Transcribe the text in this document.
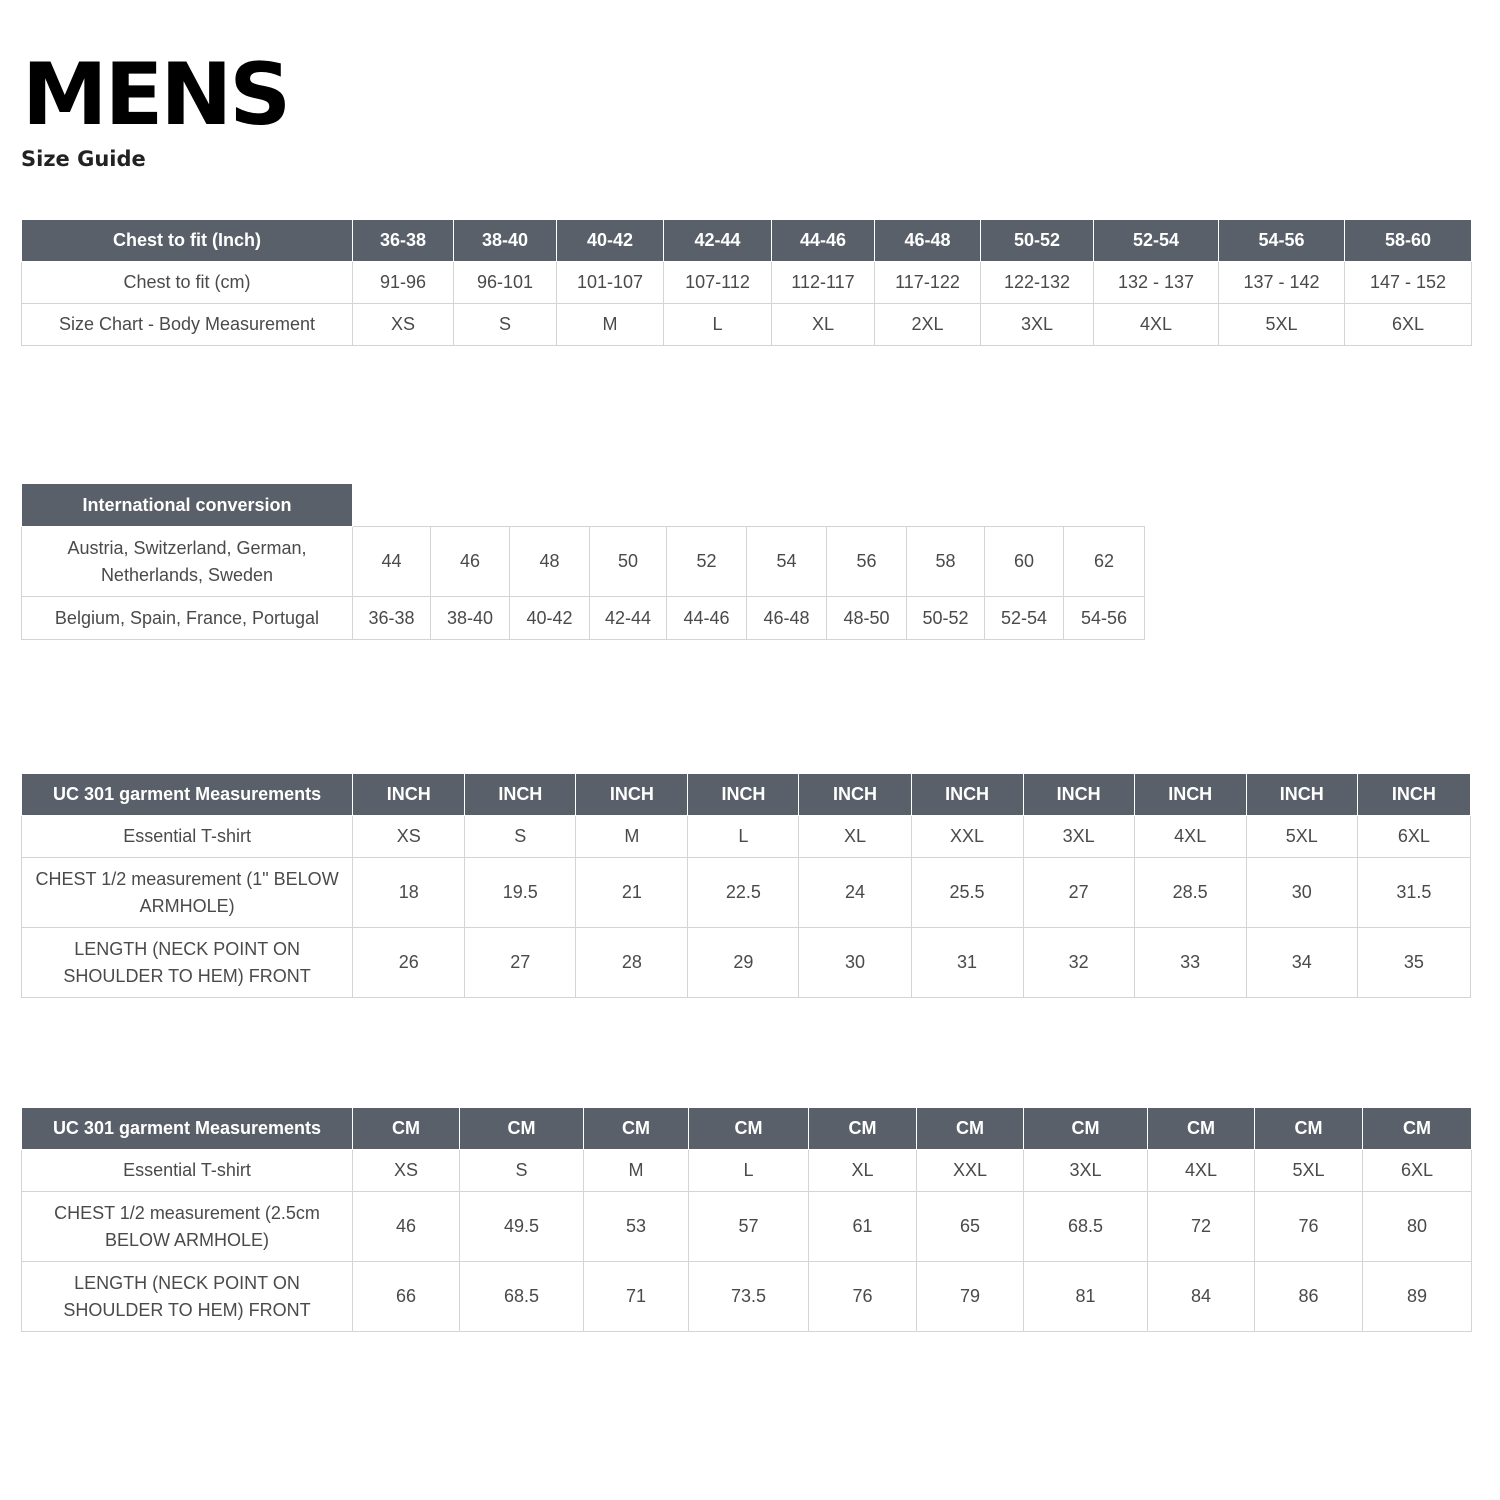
MENS
Size Guide
Chest to fit (Inch)	36-38	38-40	40-42	42-44	44-46	46-48	50-52	52-54	54-56	58-60
Chest to fit (cm)	91-96	96-101	101-107	107-112	112-117	117-122	122-132	132 - 137	137 - 142	147 - 152
Size Chart - Body Measurement	XS	S	M	L	XL	2XL	3XL	4XL	5XL	6XL
International conversion										
Austria, Switzerland, German, Netherlands, Sweden	44	46	48	50	52	54	56	58	60	62
Belgium, Spain, France, Portugal	36-38	38-40	40-42	42-44	44-46	46-48	48-50	50-52	52-54	54-56
UC 301 garment Measurements	INCH	INCH	INCH	INCH	INCH	INCH	INCH	INCH	INCH	INCH
Essential T-shirt	XS	S	M	L	XL	XXL	3XL	4XL	5XL	6XL
CHEST 1/2 measurement (1" BELOW ARMHOLE)	18	19.5	21	22.5	24	25.5	27	28.5	30	31.5
LENGTH (NECK POINT ON SHOULDER TO HEM) FRONT	26	27	28	29	30	31	32	33	34	35
UC 301 garment Measurements	CM	CM	CM	CM	CM	CM	CM	CM	CM	CM
Essential T-shirt	XS	S	M	L	XL	XXL	3XL	4XL	5XL	6XL
CHEST 1/2 measurement (2.5cm BELOW ARMHOLE)	46	49.5	53	57	61	65	68.5	72	76	80
LENGTH (NECK POINT ON SHOULDER TO HEM) FRONT	66	68.5	71	73.5	76	79	81	84	86	89
